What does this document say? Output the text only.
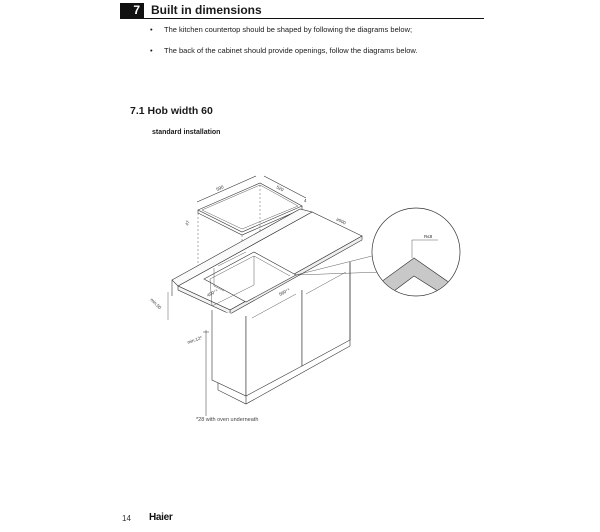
7 Built in dimensions
• The kitchen countertop should be shaped by following the diagrams below;
• The back of the cabinet should provide openings, follow the diagrams below.
7.1 Hob width 60
standard installation
590	520
4
47	≥600
R≤8
490⁺¹	560⁺¹
min.50
min.12*
*28 with oven underneath
14 Haier
